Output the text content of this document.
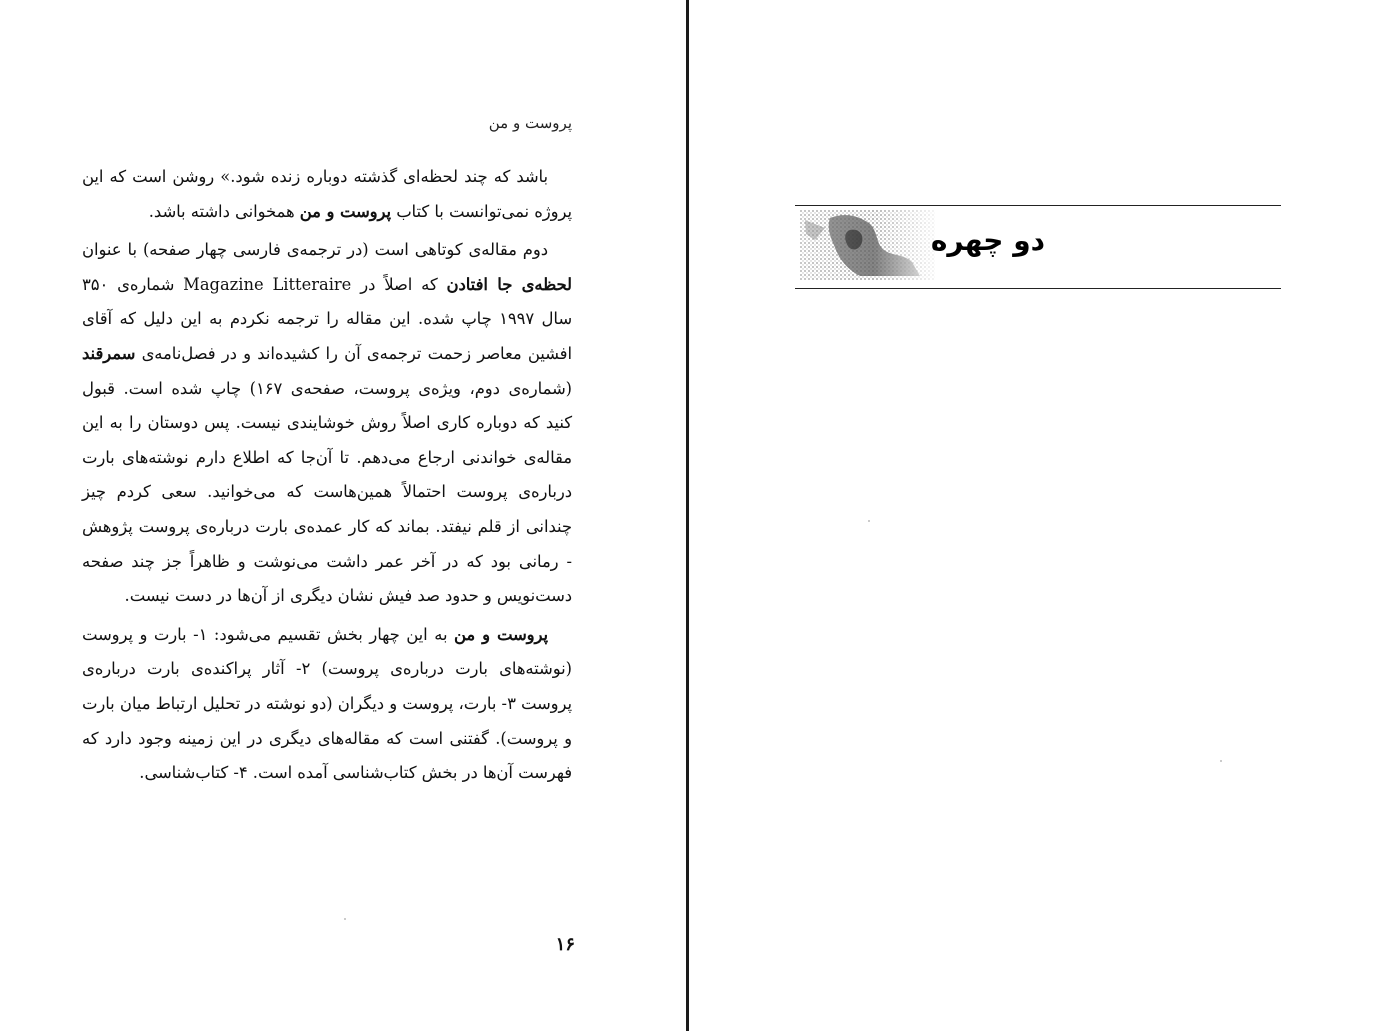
پروست و من

باشد که چند لحظه‌ای گذشته دوباره زنده شود.» روشن است که این پروژه نمی‌توانست با کتاب پروست و من همخوانی داشته باشد.

دوم مقاله‌ی کوتاهی است (در ترجمه‌ی فارسی چهار صفحه) با عنوان لحظه‌ی جا افتادن که اصلاً در Magazine Litteraire شماره‌ی ۳۵۰ سال ۱۹۹۷ چاپ شده. این مقاله را ترجمه نکردم به این دلیل که آقای افشین معاصر زحمت ترجمه‌ی آن را کشیده‌اند و در فصل‌نامه‌ی سمرقند (شماره‌ی دوم، ویژه‌ی پروست، صفحه‌ی ۱۶۷) چاپ شده است. قبول کنید که دوباره کاری اصلاً روش خوشایندی نیست. پس دوستان را به این مقاله‌ی خواندنی ارجاع می‌دهم. تا آن‌جا که اطلاع دارم نوشته‌های بارت درباره‌ی پروست احتمالاً همین‌هاست که می‌خوانید. سعی کردم چیز چندانی از قلم نیفتد. بماند که کار عمده‌ی بارت درباره‌ی پروست پژوهش - رمانی بود که در آخر عمر داشت می‌نوشت و ظاهراً جز چند صفحه دست‌نویس و حدود صد فیش نشان دیگری از آن‌ها در دست نیست.

پروست و من به این چهار بخش تقسیم می‌شود: ۱- بارت و پروست (نوشته‌های بارت درباره‌ی پروست) ۲- آثار پراکنده‌ی بارت درباره‌ی پروست ۳- بارت، پروست و دیگران (دو نوشته در تحلیل ارتباط میان بارت و پروست). گفتنی است که مقاله‌های دیگری در این زمینه وجود دارد که فهرست آن‌ها در بخش کتاب‌شناسی آمده است. ۴- کتاب‌شناسی.

۱۶
دو چهره
